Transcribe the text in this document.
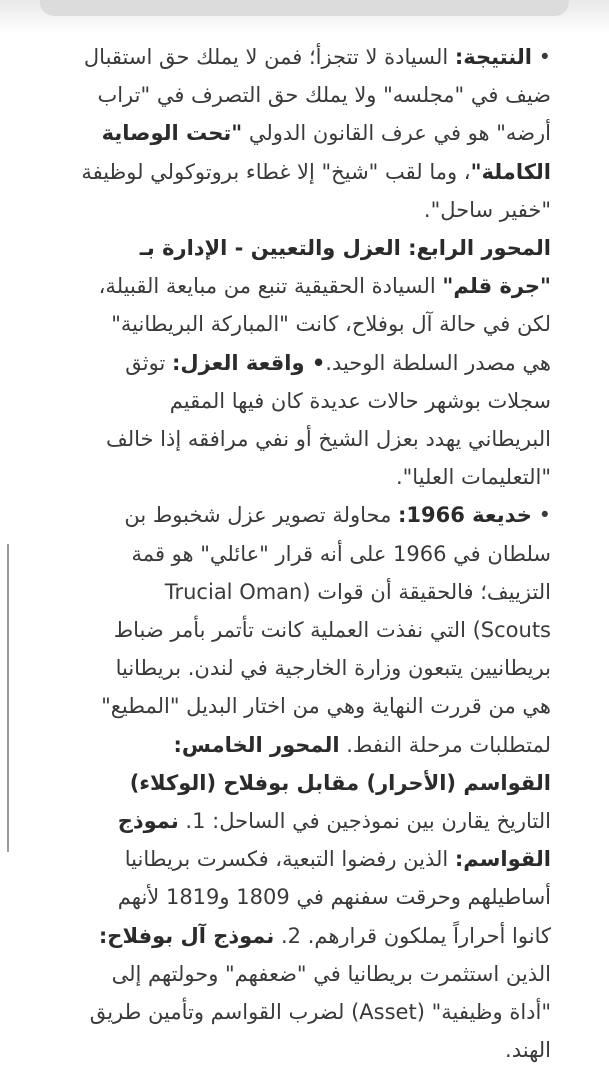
• النتيجة: السيادة لا تتجزأ؛ فمن لا يملك حق استقبال ضيف في "مجلسه" ولا يملك حق التصرف في "تراب أرضه" هو في عرف القانون الدولي "تحت الوصاية الكاملة"، وما لقب "شيخ" إلا غطاء بروتوكولي لوظيفة "خفير ساحل".

المحور الرابع: العزل والتعيين - الإدارة بـ "جرة قلم" السيادة الحقيقية تنبع من مبايعة القبيلة، لكن في حالة آل بوفلاح، كانت "المباركة البريطانية" هي مصدر السلطة الوحيد.• واقعة العزل: توثق سجلات بوشهر حالات عديدة كان فيها المقيم البريطاني يهدد بعزل الشيخ أو نفي مرافقه إذا خالف "التعليمات العليا".

• خديعة 1966: محاولة تصوير عزل شخبوط بن سلطان في 1966 على أنه قرار "عائلي" هو قمة التزييف؛ فالحقيقة أن قوات (Trucial Oman Scouts) التي نفذت العملية كانت تأتمر بأمر ضباط بريطانيين يتبعون وزارة الخارجية في لندن. بريطانيا هي من قررت النهاية وهي من اختار البديل "المطيع" لمتطلبات مرحلة النفط. المحور الخامس: القواسم (الأحرار) مقابل بوفلاح (الوكلاء) التاريخ يقارن بين نموذجين في الساحل: 1. نموذج القواسم: الذين رفضوا التبعية، فكسرت بريطانيا أساطيلهم وحرقت سفنهم في 1809 و1819 لأنهم كانوا أحراراً يملكون قرارهم. 2. نموذج آل بوفلاح: الذين استثمرت بريطانيا في "ضعفهم" وحولتهم إلى "أداة وظيفية" (Asset) لضرب القواسم وتأمين طريق الهند.
